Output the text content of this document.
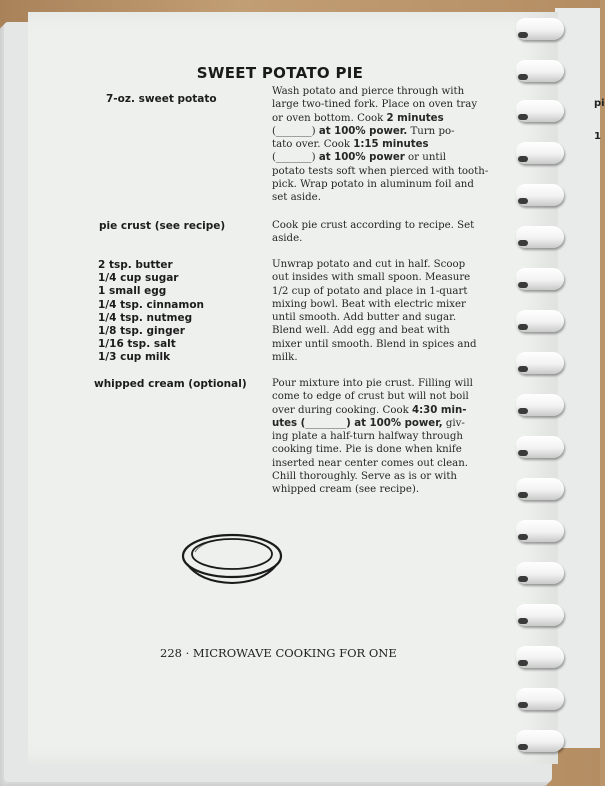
pi
1
SWEET POTATO PIE
7-oz. sweet potato
pie crust (see recipe)
2 tsp. butter
1/4 cup sugar
1 small egg
1/4 tsp. cinnamon
1/4 tsp. nutmeg
1/8 tsp. ginger
1/16 tsp. salt
1/3 cup milk
whipped cream (optional)
Wash potato and pierce through with
large two-tined fork. Place on oven tray
or oven bottom. Cook 2 minutes
(_______) at 100% power. Turn po-
tato over. Cook 1:15 minutes
(_______) at 100% power or until
potato tests soft when pierced with tooth-
pick. Wrap potato in aluminum foil and
set aside.
Cook pie crust according to recipe. Set
aside.
Unwrap potato and cut in half. Scoop
out insides with small spoon. Measure
1/2 cup of potato and place in 1-quart
mixing bowl. Beat with electric mixer
until smooth. Add butter and sugar.
Blend well. Add egg and beat with
mixer until smooth. Blend in spices and
milk.
Pour mixture into pie crust. Filling will
come to edge of crust but will not boil
over during cooking. Cook 4:30 min-
utes (________) at 100% power, giv-
ing plate a half-turn halfway through
cooking time. Pie is done when knife
inserted near center comes out clean.
Chill thoroughly. Serve as is or with
whipped cream (see recipe).
228 · MICROWAVE COOKING FOR ONE
